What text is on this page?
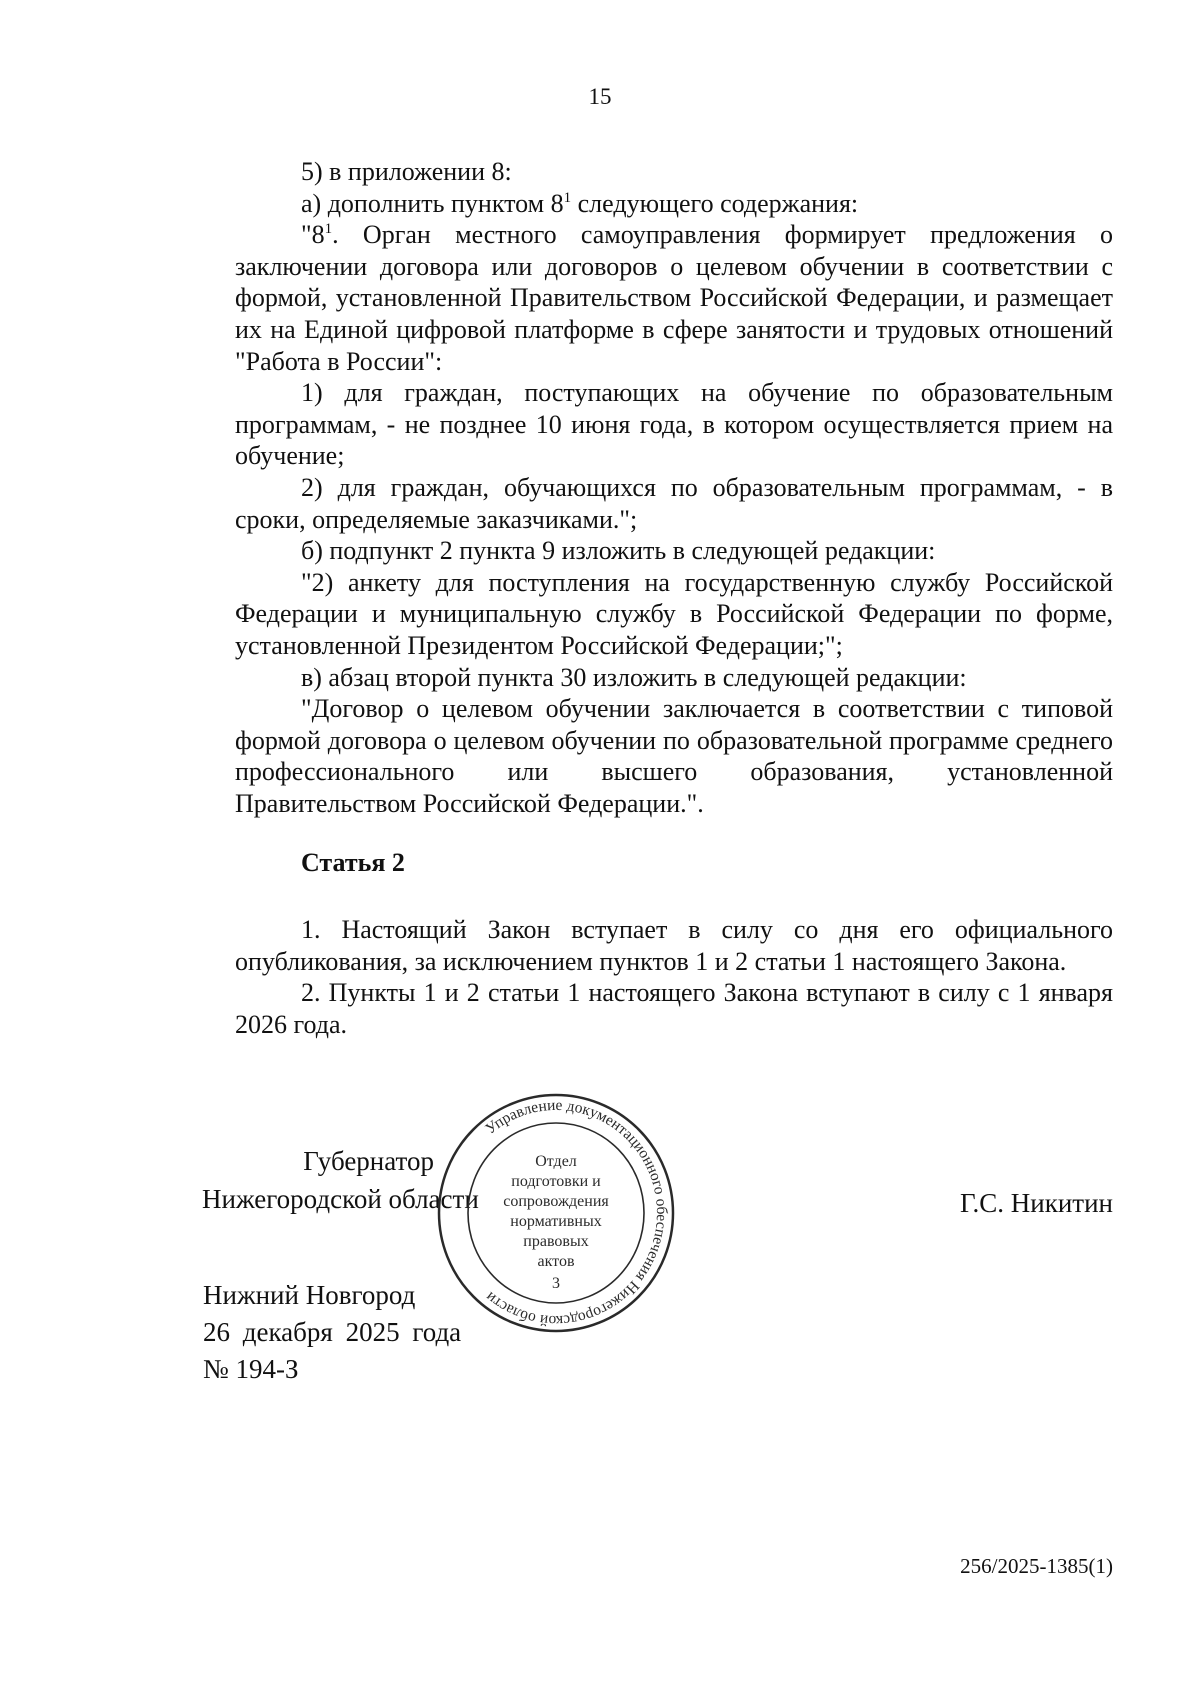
15

5) в приложении 8:

а) дополнить пунктом $8^1$ следующего содержания:

"$8^1$. Орган местного самоуправления формирует предложения о заключении договора или договоров о целевом обучении в соответствии с формой, установленной Правительством Российской Федерации, и размещает их на Единой цифровой платформе в сфере занятости и трудовых отношений "Работа в России":

1) для граждан, поступающих на обучение по образовательным программам, - не позднее 10 июня года, в котором осуществляется прием на обучение;

2) для граждан, обучающихся по образовательным программам, - в сроки, определяемые заказчиками.";

б) подпункт 2 пункта 9 изложить в следующей редакции:

"2) анкету для поступления на государственную службу Российской Федерации и муниципальную службу в Российской Федерации по форме, установленной Президентом Российской Федерации;";

в) абзац второй пункта 30 изложить в следующей редакции:

"Договор о целевом обучении заключается в соответствии с типовой формой договора о целевом обучении по образовательной программе среднего профессионального или высшего образования, установленной Правительством Российской Федерации.".

Статья 2

1. Настоящий Закон вступает в силу со дня его официального опубликования, за исключением пунктов 1 и 2 статьи 1 настоящего Закона.

2. Пункты 1 и 2 статьи 1 настоящего Закона вступают в силу с 1 января 2026 года.

Губернатор
Нижегородской области	Г.С. Никитин
Нижний Новгород
26 декабря 2025 года
№ 194-З
Управление документационного обеспечения Нижегородской области
Отдел
подготовки и
сопровождения
нормативных
правовых
актов
3
256/2025-1385(1)
